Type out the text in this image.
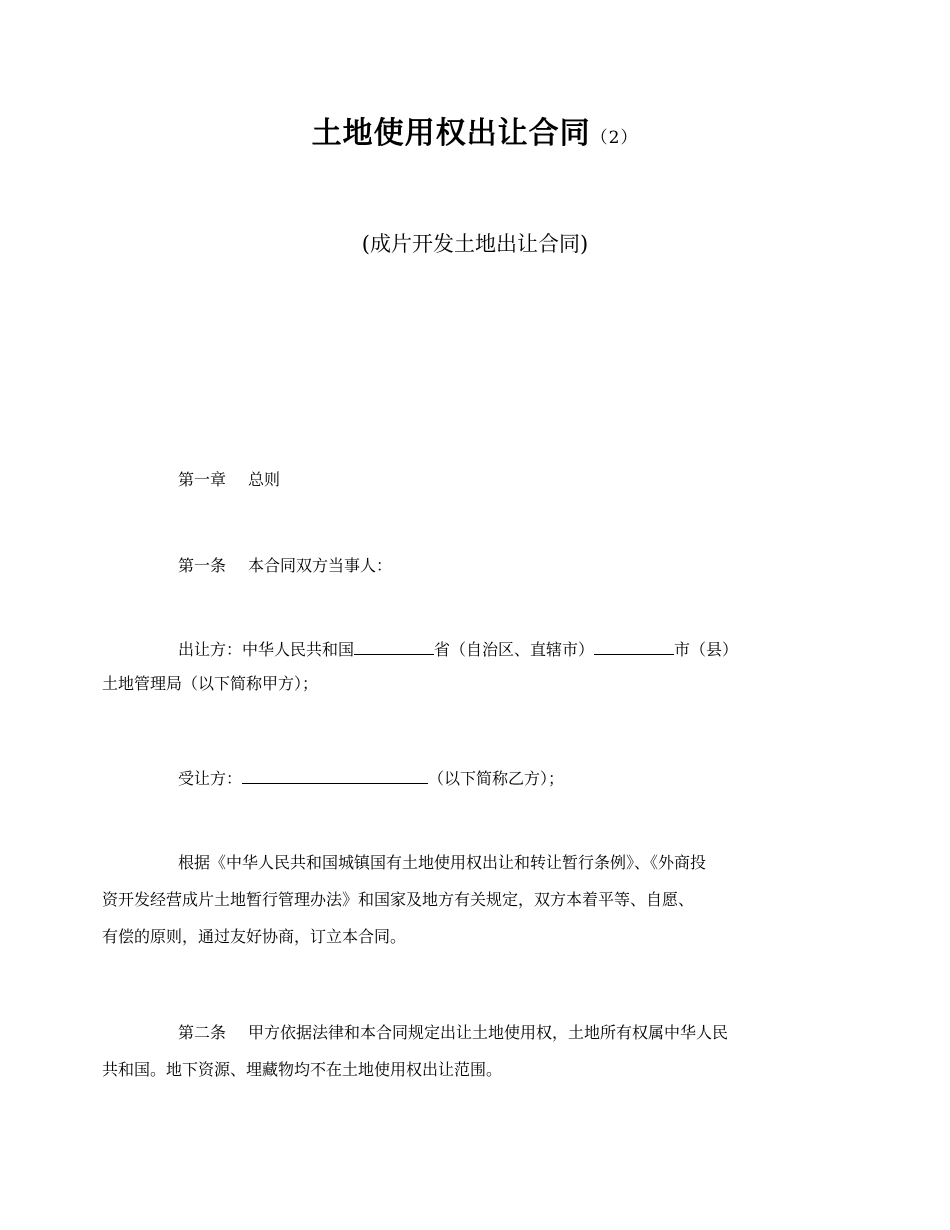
土地使用权出让合同（2）
(成片开发土地出让合同)
第一章 总则
第一条 本合同双方当事人：
出让方：中华人民共和国	省（自治区、直辖市）	市（县）
土地管理局（以下简称甲方）；
受让方：	（以下简称乙方）；
根据《中华人民共和国城镇国有土地使用权出让和转让暂行条例》、《外商投
资开发经营成片土地暂行管理办法》和国家及地方有关规定，双方本着平等、自愿、
有偿的原则，通过友好协商，订立本合同。
第二条 甲方依据法律和本合同规定出让土地使用权，土地所有权属中华人民
共和国。地下资源、埋藏物均不在土地使用权出让范围。
